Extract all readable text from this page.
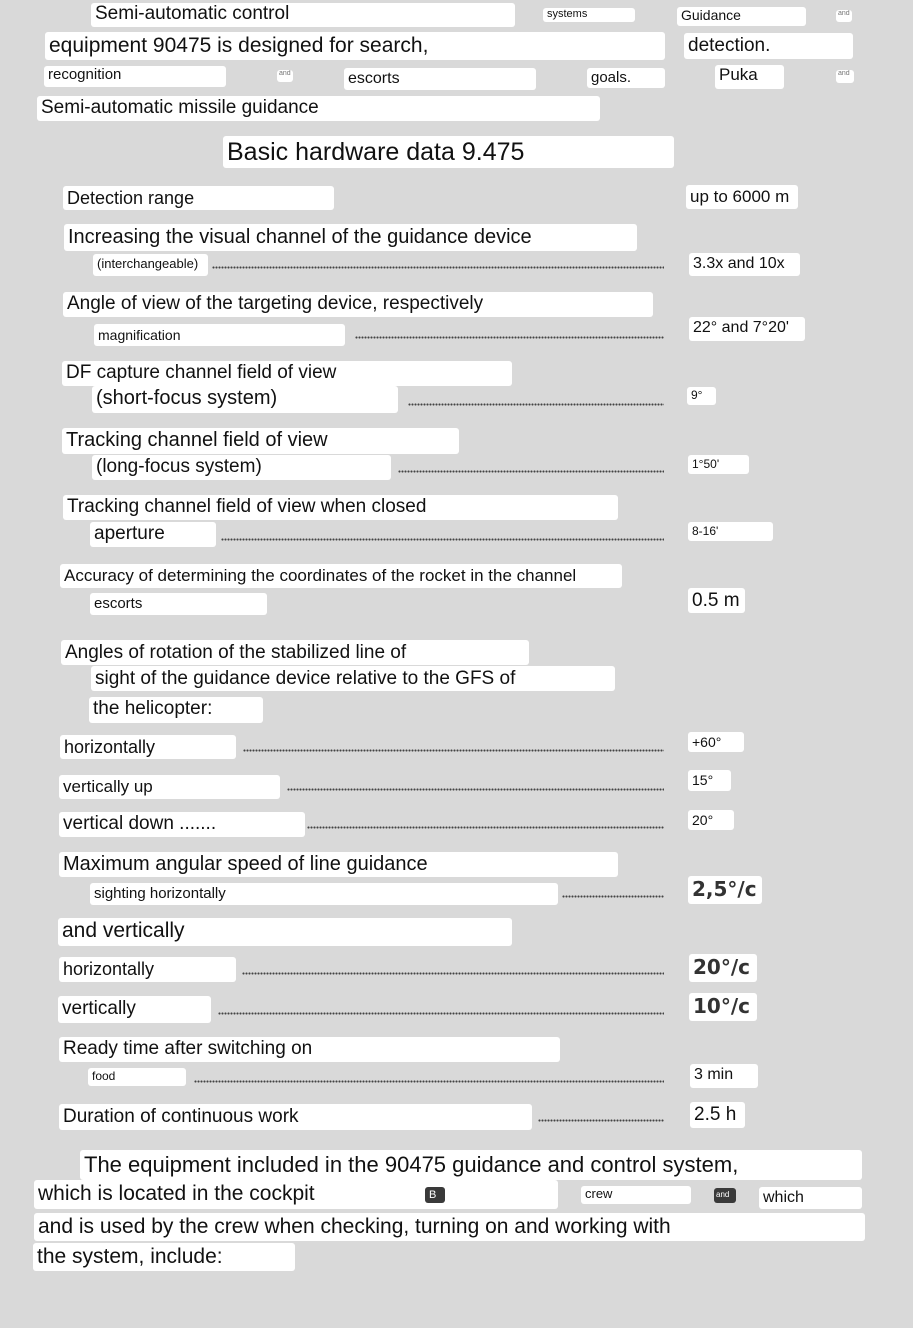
Semi-automatic control	systems	Guidance	and
equipment 90475 is designed for search,	detection.
recognition	and	escorts	goals.	Puka	and
Semi-automatic missile guidance
Basic hardware data 9.475
Detection range	up to 6000 m
Increasing the visual channel of the guidance device
(interchangeable)	3.3x and 10x
Angle of view of the targeting device, respectively
magnification	22° and 7°20'
DF capture channel field of view
(short-focus system)	9°
Tracking channel field of view
(long-focus system)	1°50'
Tracking channel field of view when closed
aperture	8-16'
Accuracy of determining the coordinates of the rocket in the channel
escorts	0.5 m
Angles of rotation of the stabilized line of
sight of the guidance device relative to the GFS of
the helicopter:
horizontally	+60°
vertically up	15°
vertical down .......	20°
Maximum angular speed of line guidance
sighting horizontally	2,5°/c
and vertically
horizontally	20°/c
vertically	10°/c
Ready time after switching on
food	3 min
Duration of continuous work	2.5 h
The equipment included in the 90475 guidance and control system,
which is located in the cockpit	B	crew	and	which
and is used by the crew when checking, turning on and working with
the system, include:
